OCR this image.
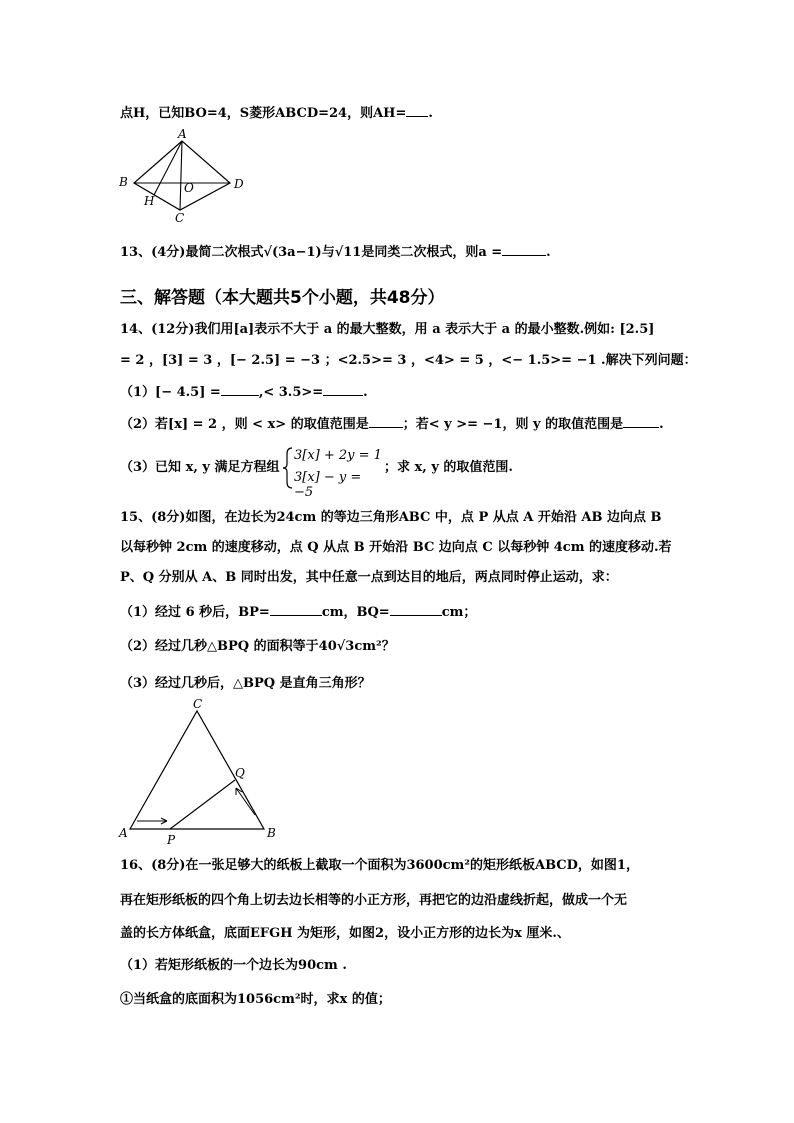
点H，已知BO=4，S菱形ABCD=24，则AH= .
A
B
C
D
O
H
13、(4分)最简二次根式√(3a−1)与√11是同类二次根式，则a =	.
三、解答题（本大题共5个小题，共48分）
14、(12分)我们用[a]表示不大于 a 的最大整数，用 a 表示大于 a 的最小整数.例如: [2.5]
= 2 ，[3] = 3 ，[− 2.5] = −3 ；<2.5>= 3 ，<4> = 5 ，<− 1.5>= −1 .解决下列问题：
（1）[− 4.5] =	,< 3.5>=	.
（2）若[x] = 2 ，则 < x> 的取值范围是	；若< y >= −1，则 y 的取值范围是	.
（3）已知 x, y 满足方程组
3[x] + 2y = 1
3[x] − y = −5
；求 x, y 的取值范围.
15、(8分)如图，在边长为24cm 的等边三角形ABC 中，点 P 从点 A 开始沿 AB 边向点 B
以每秒钟 2cm 的速度移动，点 Q 从点 B 开始沿 BC 边向点 C 以每秒钟 4cm 的速度移动.若
P、Q 分别从 A、B 同时出发，其中任意一点到达目的地后，两点同时停止运动，求：
（1）经过 6 秒后，BP=	cm，BQ=	cm；
（2）经过几秒△BPQ 的面积等于40√3cm²？
（3）经过几秒后，△BPQ 是直角三角形？
A	B
C
P
Q
16、(8分)在一张足够大的纸板上截取一个面积为3600cm²的矩形纸板ABCD，如图1，
再在矩形纸板的四个角上切去边长相等的小正方形，再把它的边沿虚线折起，做成一个无
盖的长方体纸盒，底面EFGH 为矩形，如图2，设小正方形的边长为x 厘米.、
（1）若矩形纸板的一个边长为90cm .
①当纸盒的底面积为1056cm²时，求x 的值；
